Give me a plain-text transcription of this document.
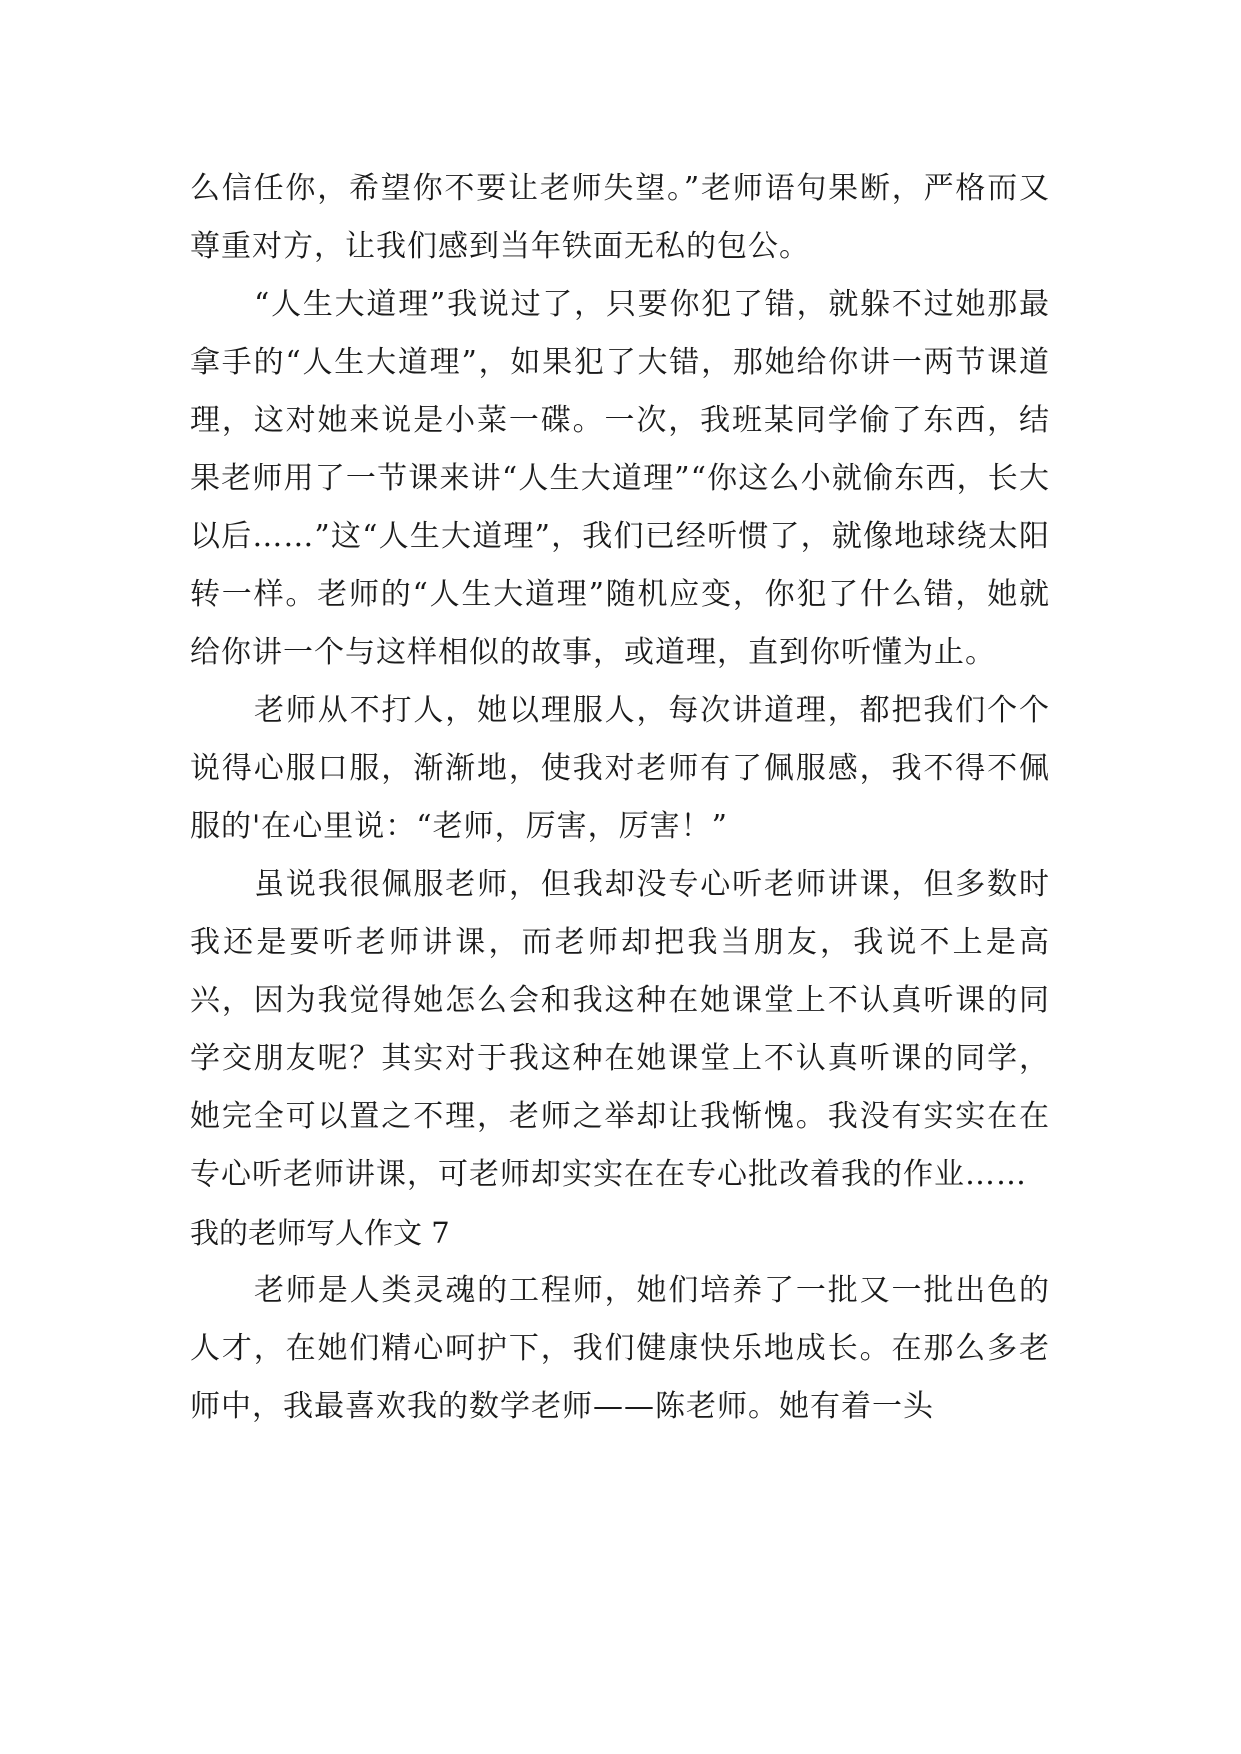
么信任你，希望你不要让老师失望。”老师语句果断，严格而又尊重对方，让我们感到当年铁面无私的包公。

“人生大道理”我说过了，只要你犯了错，就躲不过她那最拿手的“人生大道理”，如果犯了大错，那她给你讲一两节课道理，这对她来说是小菜一碟。一次，我班某同学偷了东西，结果老师用了一节课来讲“人生大道理”“你这么小就偷东西，长大以后……”这“人生大道理”，我们已经听惯了，就像地球绕太阳转一样。老师的“人生大道理”随机应变，你犯了什么错，她就给你讲一个与这样相似的故事，或道理，直到你听懂为止。

老师从不打人，她以理服人，每次讲道理，都把我们个个说得心服口服，渐渐地，使我对老师有了佩服感，我不得不佩服的'在心里说：“老师，厉害，厉害！”

虽说我很佩服老师，但我却没专心听老师讲课，但多数时我还是要听老师讲课，而老师却把我当朋友，我说不上是高兴，因为我觉得她怎么会和我这种在她课堂上不认真听课的同学交朋友呢？其实对于我这种在她课堂上不认真听课的同学，她完全可以置之不理，老师之举却让我惭愧。我没有实实在在专心听老师讲课，可老师却实实在在专心批改着我的作业……

我的老师写人作文 7

老师是人类灵魂的工程师，她们培养了一批又一批出色的人才，在她们精心呵护下，我们健康快乐地成长。在那么多老师中，我最喜欢我的数学老师——陈老师。她有着一头
